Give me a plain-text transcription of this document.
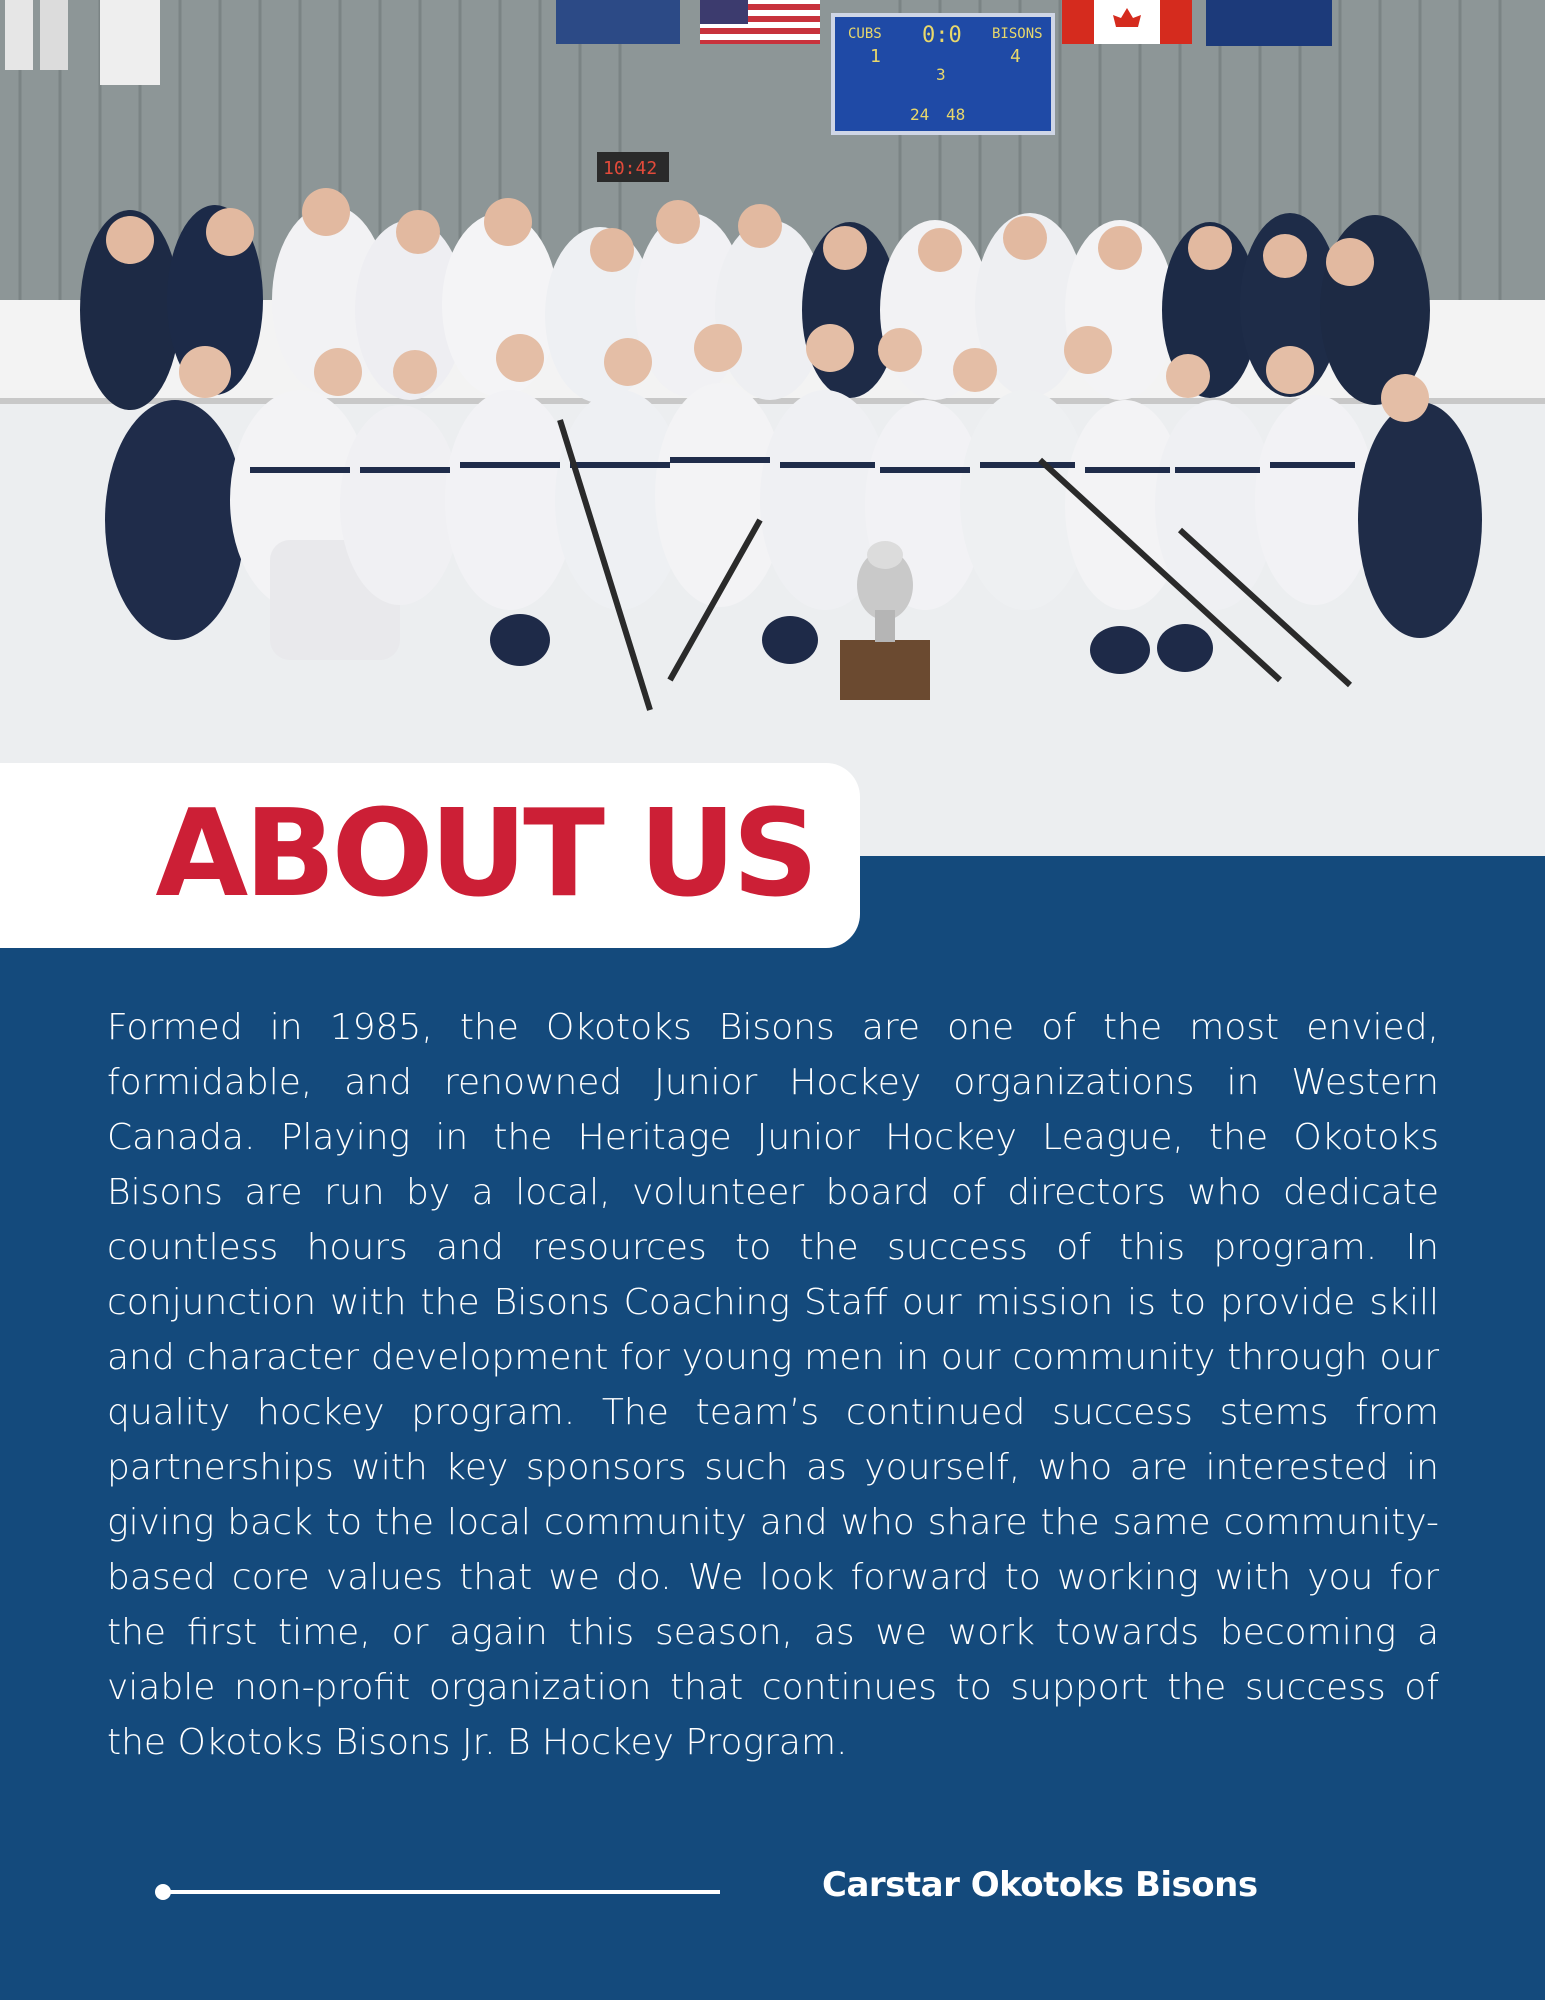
CUBS 0:0 BISONS
1	4
3
24 48
10:42
ABOUT US
Formed in 1985, the Okotoks Bisons are one of the most envied, formidable, and renowned Junior Hockey organizations in Western Canada. Playing in the Heritage Junior Hockey League, the Okotoks Bisons are run by a local, volunteer board of directors who dedicate countless hours and resources to the success of this program. In conjunction with the Bisons Coaching Staff our mission is to provide skill and character development for young men in our community through our quality hockey program. The team’s continued success stems from partnerships with key sponsors such as yourself, who are interested in giving back to the local community and who share the same community-based core values that we do. We look forward to working with you for the first time, or again this season, as we work towards becoming a viable non-profit organization that continues to support the success of the Okotoks Bisons Jr. B Hockey Program.
Carstar Okotoks Bisons
